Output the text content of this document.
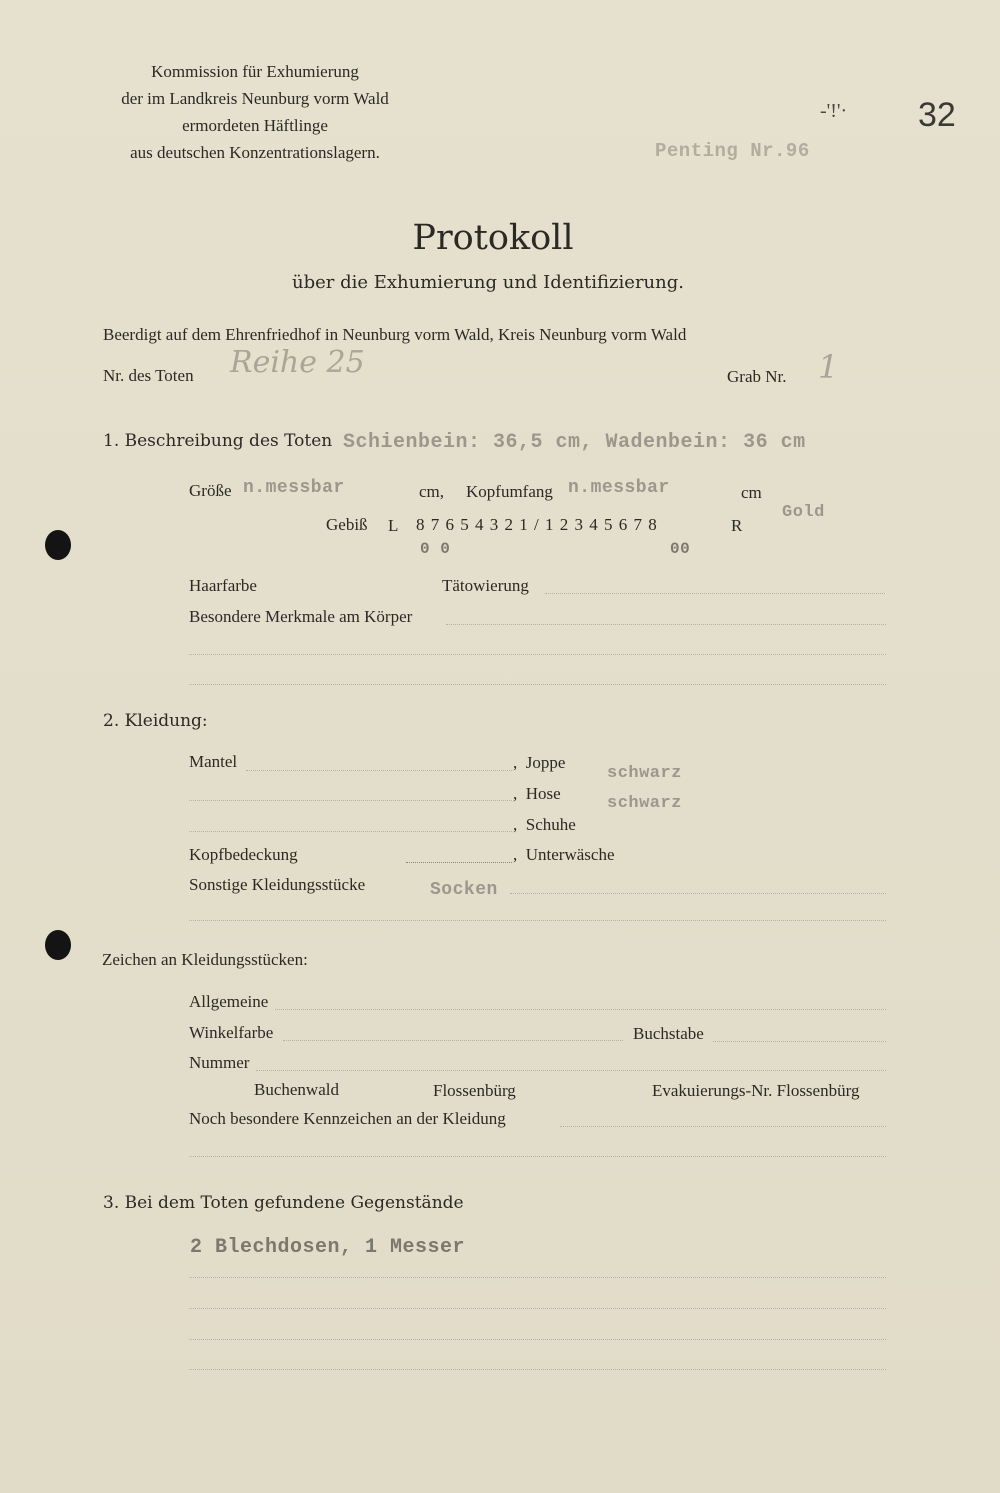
Kommission für Exhumierung
der im Landkreis Neunburg vorm Wald
ermordeten Häftlinge
aus deutschen Konzentrationslagern.
-'!'· 32
Penting Nr.96
Protokoll
über die Exhumierung und Identifizierung.
Beerdigt auf dem Ehrenfriedhof in Neunburg vorm Wald, Kreis Neunburg vorm Wald
Nr. des Toten Reihe 25	Grab Nr. 1
1. Beschreibung des Toten Schienbein: 36,5 cm, Wadenbein: 36 cm
Größe n.messbar	cm, Kopfumfang n.messbar	cm
Gebiß L 8 7 6 5 4 3 2 1 / 1 2 3 4 5 6 7 8	R
Gold
0 0	00
Haarfarbe	Tätowierung
Besondere Merkmale am Körper
2. Kleidung:
Mantel	,  Joppe
schwarz
,  Hose
schwarz
,  Schuhe
Kopfbedeckung	,  Unterwäsche
Sonstige Kleidungsstücke	Socken
Zeichen an Kleidungsstücken:
Allgemeine
Winkelfarbe	Buchstabe
Nummer
Buchenwald	Flossenbürg	Evakuierungs-Nr. Flossenbürg
Noch besondere Kennzeichen an der Kleidung
3. Bei dem Toten gefundene Gegenstände
2 Blechdosen, 1 Messer
